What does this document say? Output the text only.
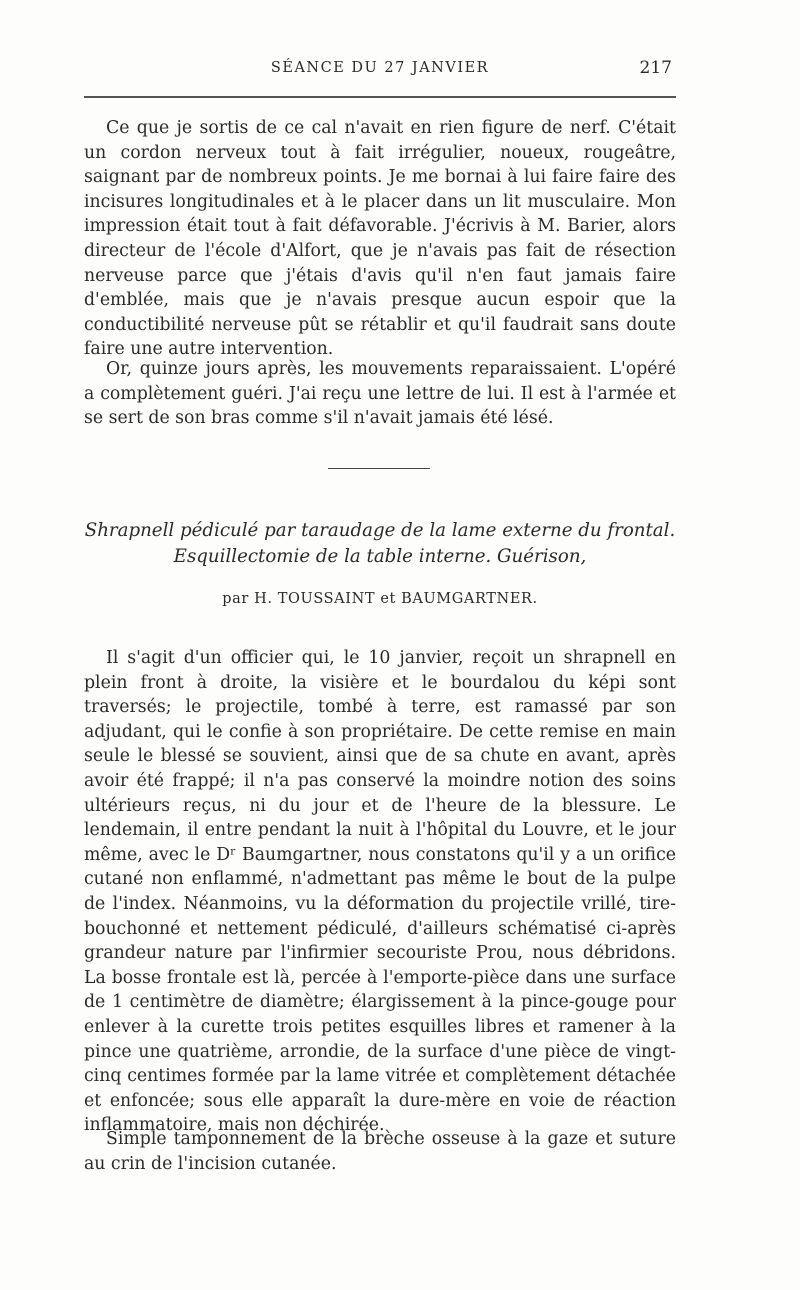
SÉANCE DU 27 JANVIER	217

Ce que je sortis de ce cal n'avait en rien figure de nerf. C'était un cordon nerveux tout à fait irrégulier, noueux, rougeâtre, saignant par de nombreux points. Je me bornai à lui faire faire des incisures longitudinales et à le placer dans un lit musculaire. Mon impression était tout à fait défavorable. J'écrivis à M. Barier, alors directeur de l'école d'Alfort, que je n'avais pas fait de résection nerveuse parce que j'étais d'avis qu'il n'en faut jamais faire d'emblée, mais que je n'avais presque aucun espoir que la conductibilité nerveuse pût se rétablir et qu'il faudrait sans doute faire une autre intervention.

Or, quinze jours après, les mouvements reparaissaient. L'opéré a complètement guéri. J'ai reçu une lettre de lui. Il est à l'armée et se sert de son bras comme s'il n'avait jamais été lésé.

Shrapnell pédiculé par taraudage de la lame externe du frontal.
Esquillectomie de la table interne. Guérison,
par H. TOUSSAINT et BAUMGARTNER.

Il s'agit d'un officier qui, le 10 janvier, reçoit un shrapnell en plein front à droite, la visière et le bourdalou du képi sont traversés; le projectile, tombé à terre, est ramassé par son adjudant, qui le confie à son propriétaire. De cette remise en main seule le blessé se souvient, ainsi que de sa chute en avant, après avoir été frappé; il n'a pas conservé la moindre notion des soins ultérieurs reçus, ni du jour et de l'heure de la blessure. Le lendemain, il entre pendant la nuit à l'hôpital du Louvre, et le jour même, avec le Dʳ Baumgartner, nous constatons qu'il y a un orifice cutané non enflammé, n'admettant pas même le bout de la pulpe de l'index. Néanmoins, vu la déformation du projectile vrillé, tire-bouchonné et nettement pédiculé, d'ailleurs schématisé ci-après grandeur nature par l'infirmier secouriste Prou, nous débridons. La bosse frontale est là, percée à l'emporte-pièce dans une surface de 1 centimètre de diamètre; élargissement à la pince-gouge pour enlever à la curette trois petites esquilles libres et ramener à la pince une quatrième, arrondie, de la surface d'une pièce de vingt-cinq centimes formée par la lame vitrée et complètement détachée et enfoncée; sous elle apparaît la dure-mère en voie de réaction inflammatoire, mais non déchirée.

Simple tamponnement de la brèche osseuse à la gaze et suture au crin de l'incision cutanée.
